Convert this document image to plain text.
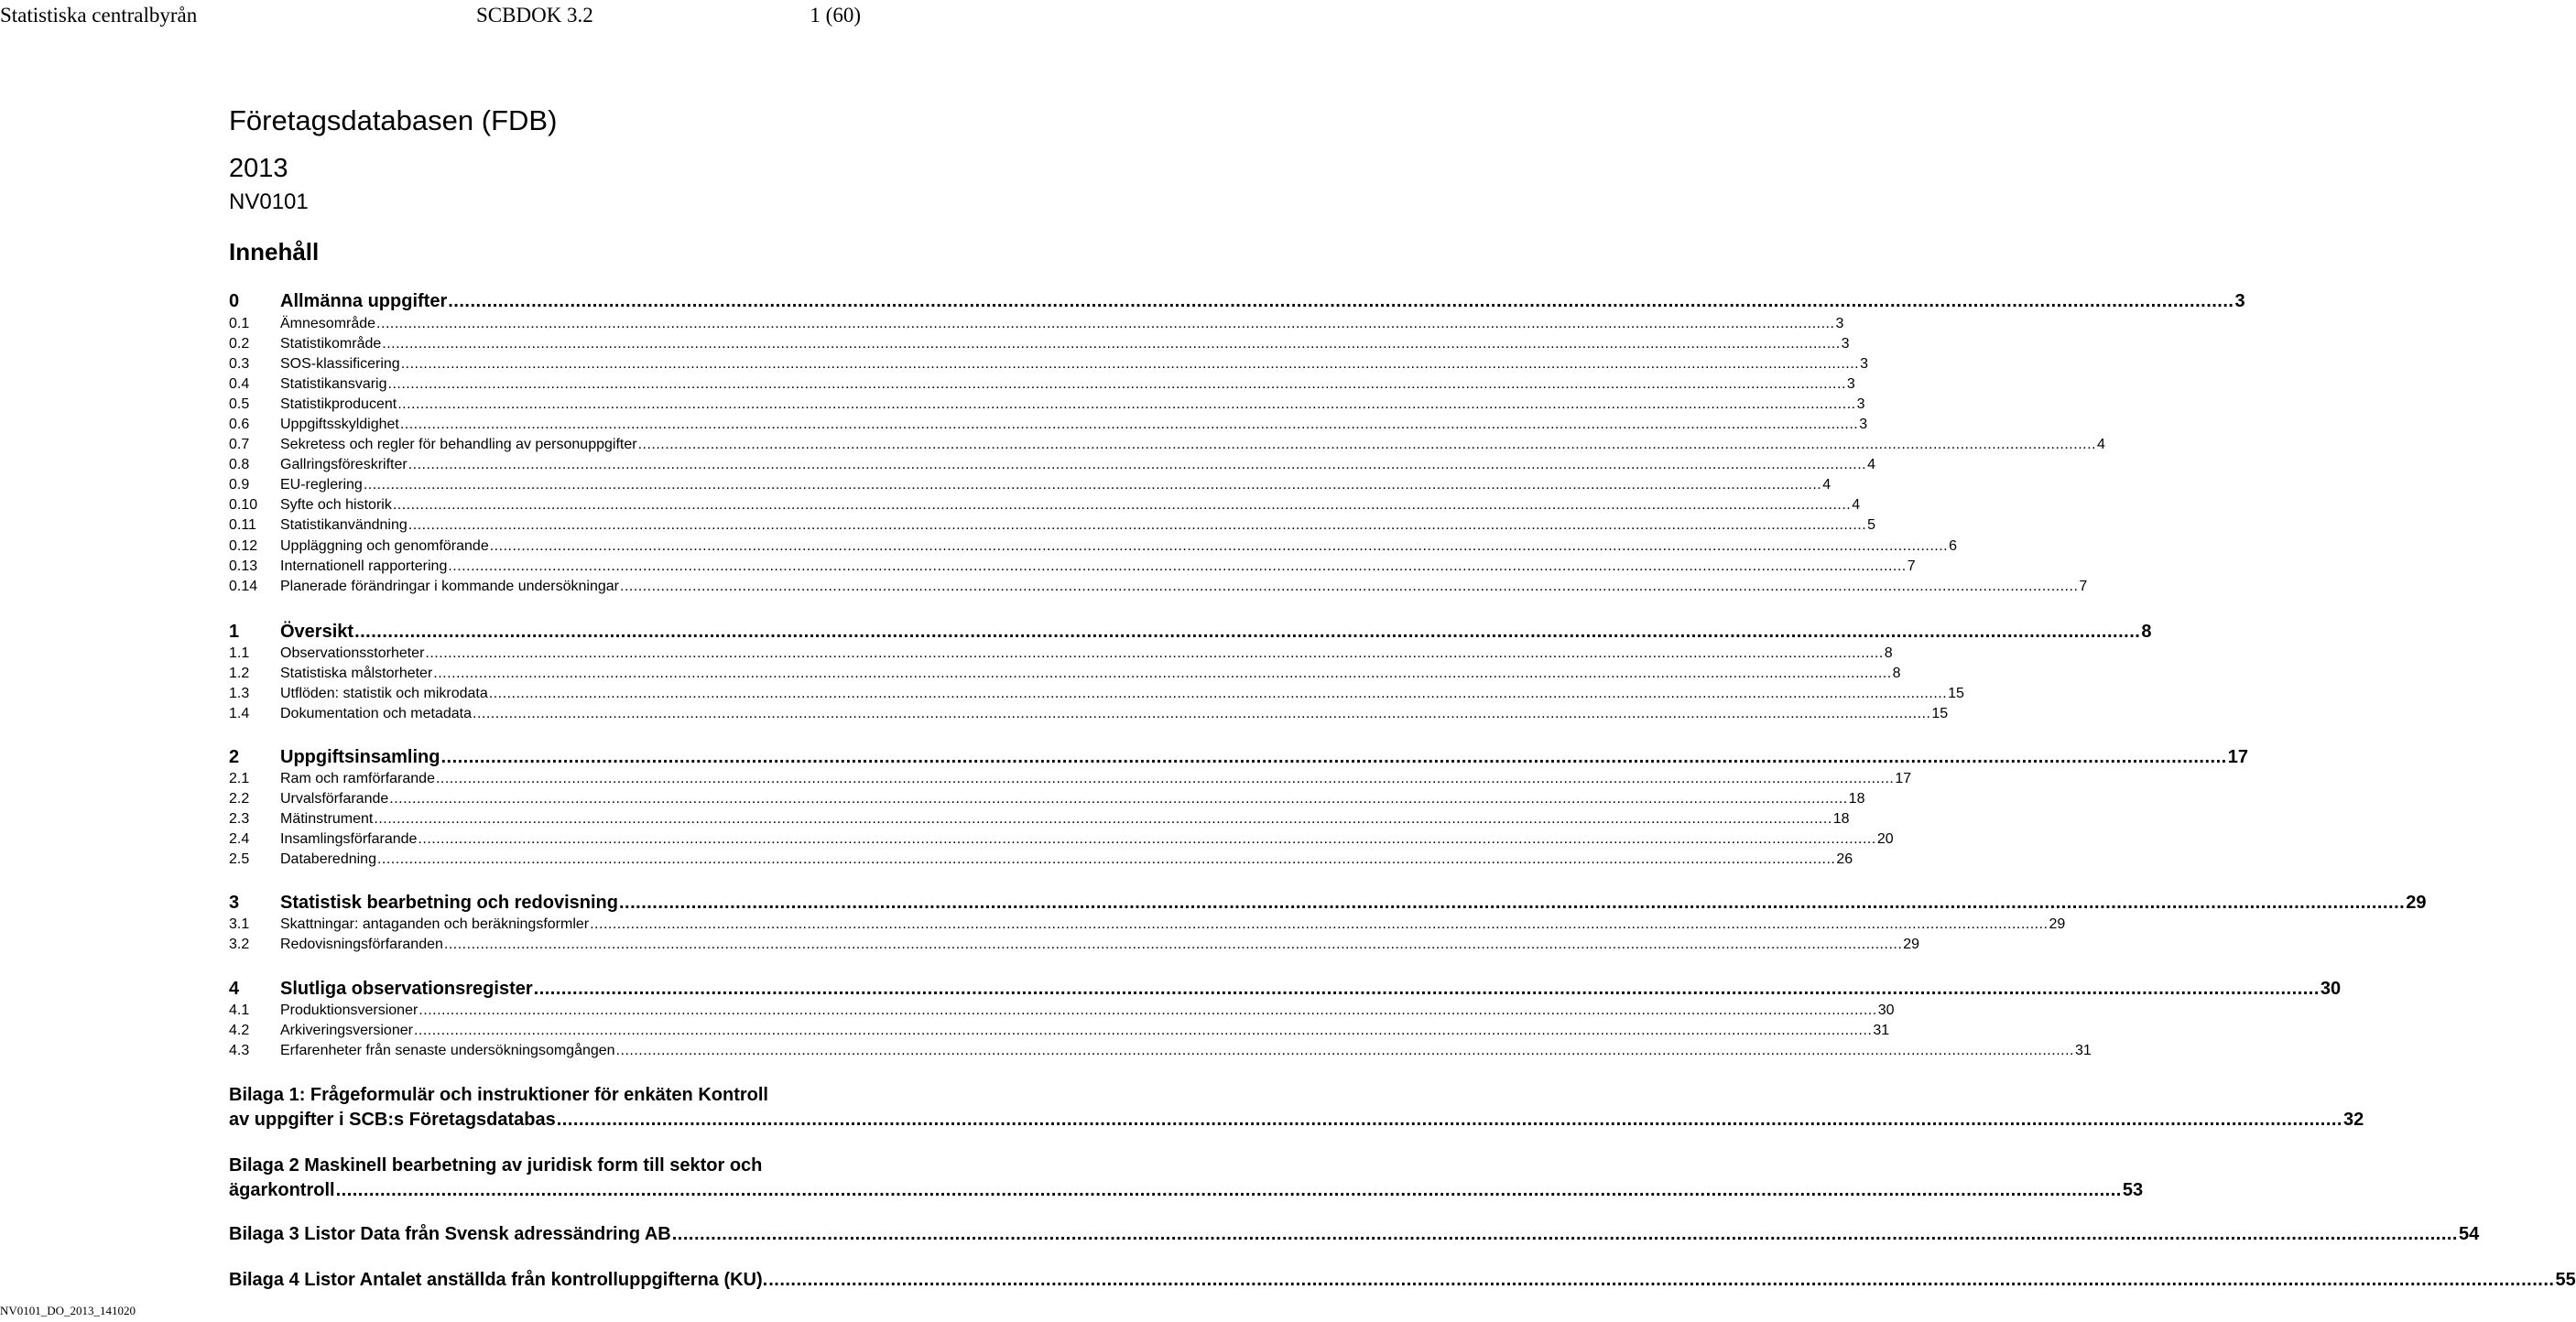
Statistiska centralbyrån	SCBDOK 3.2	1 (60)
Företagsdatabasen (FDB)
2013
NV0101
Innehåll
0	Allmänna uppgifter .................................................................................................................................................................................................................................................................................................................................. 3
0.1	Ämnesområde .................................................................................................................................................................................................................................................................................................................................. 3
0.2	Statistikområde .................................................................................................................................................................................................................................................................................................................................. 3
0.3	SOS-klassificering .................................................................................................................................................................................................................................................................................................................................. 3
0.4	Statistikansvarig .................................................................................................................................................................................................................................................................................................................................. 3
0.5	Statistikproducent .................................................................................................................................................................................................................................................................................................................................. 3
0.6	Uppgiftsskyldighet .................................................................................................................................................................................................................................................................................................................................. 3
0.7	Sekretess och regler för behandling av personuppgifter .................................................................................................................................................................................................................................................................................................................................. 4
0.8	Gallringsföreskrifter .................................................................................................................................................................................................................................................................................................................................. 4
0.9	EU-reglering .................................................................................................................................................................................................................................................................................................................................. 4
0.10	Syfte och historik .................................................................................................................................................................................................................................................................................................................................. 4
0.11	Statistikanvändning .................................................................................................................................................................................................................................................................................................................................. 5
0.12	Uppläggning och genomförande .................................................................................................................................................................................................................................................................................................................................. 6
0.13	Internationell rapportering .................................................................................................................................................................................................................................................................................................................................. 7
0.14	Planerade förändringar i kommande undersökningar .................................................................................................................................................................................................................................................................................................................................. 7
1	Översikt .................................................................................................................................................................................................................................................................................................................................. 8
1.1	Observationsstorheter .................................................................................................................................................................................................................................................................................................................................. 8
1.2	Statistiska målstorheter .................................................................................................................................................................................................................................................................................................................................. 8
1.3	Utflöden: statistik och mikrodata .................................................................................................................................................................................................................................................................................................................................. 15
1.4	Dokumentation och metadata .................................................................................................................................................................................................................................................................................................................................. 15
2	Uppgiftsinsamling .................................................................................................................................................................................................................................................................................................................................. 17
2.1	Ram och ramförfarande .................................................................................................................................................................................................................................................................................................................................. 17
2.2	Urvalsförfarande .................................................................................................................................................................................................................................................................................................................................. 18
2.3	Mätinstrument .................................................................................................................................................................................................................................................................................................................................. 18
2.4	Insamlingsförfarande .................................................................................................................................................................................................................................................................................................................................. 20
2.5	Databeredning .................................................................................................................................................................................................................................................................................................................................. 26
3	Statistisk bearbetning och redovisning .................................................................................................................................................................................................................................................................................................................................. 29
3.1	Skattningar: antaganden och beräkningsformler .................................................................................................................................................................................................................................................................................................................................. 29
3.2	Redovisningsförfaranden .................................................................................................................................................................................................................................................................................................................................. 29
4	Slutliga observationsregister .................................................................................................................................................................................................................................................................................................................................. 30
4.1	Produktionsversioner .................................................................................................................................................................................................................................................................................................................................. 30
4.2	Arkiveringsversioner .................................................................................................................................................................................................................................................................................................................................. 31
4.3	Erfarenheter från senaste undersökningsomgången .................................................................................................................................................................................................................................................................................................................................. 31
Bilaga 1: Frågeformulär och instruktioner för enkäten Kontroll
av uppgifter i SCB:s Företagsdatabas .................................................................................................................................................................................................................................................................................................................................. 32
Bilaga 2 Maskinell bearbetning av juridisk form till sektor och
ägarkontroll .................................................................................................................................................................................................................................................................................................................................. 53
Bilaga 3 Listor Data från Svensk adressändring AB .................................................................................................................................................................................................................................................................................................................................. 54
Bilaga 4 Listor Antalet anställda från kontrolluppgifterna (KU). .................................................................................................................................................................................................................................................................................................................................. 55
NV0101_DO_2013_141020
